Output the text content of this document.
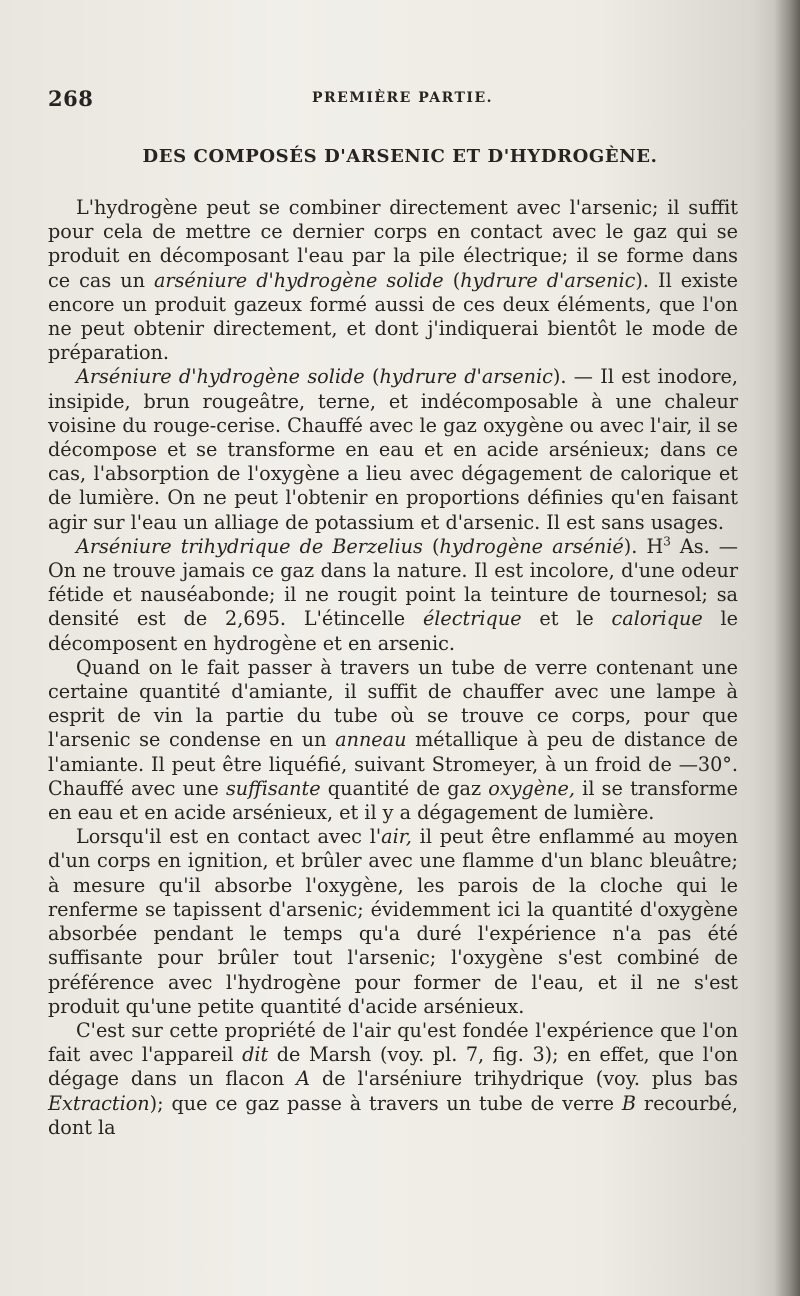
268	PREMIÈRE PARTIE.
DES COMPOSÉS D'ARSENIC ET D'HYDROGÈNE.

L'hydrogène peut se combiner directement avec l'arsenic; il suffit pour cela de mettre ce dernier corps en contact avec le gaz qui se produit en décomposant l'eau par la pile électrique; il se forme dans ce cas un arséniure d'hydrogène solide (hydrure d'arsenic). Il existe encore un produit gazeux formé aussi de ces deux éléments, que l'on ne peut obtenir directement, et dont j'indiquerai bientôt le mode de préparation.

Arséniure d'hydrogène solide (hydrure d'arsenic). — Il est inodore, insipide, brun rougeâtre, terne, et indécomposable à une chaleur voisine du rouge-cerise. Chauffé avec le gaz oxygène ou avec l'air, il se décompose et se transforme en eau et en acide arsénieux; dans ce cas, l'absorption de l'oxygène a lieu avec dégagement de calorique et de lumière. On ne peut l'obtenir en proportions définies qu'en faisant agir sur l'eau un alliage de potassium et d'arsenic. Il est sans usages.

Arséniure trihydrique de Berzelius (hydrogène arsénié). $H^3$ As. — On ne trouve jamais ce gaz dans la nature. Il est incolore, d'une odeur fétide et nauséabonde; il ne rougit point la teinture de tournesol; sa densité est de 2,695. L'étincelle électrique et le calorique le décomposent en hydrogène et en arsenic.

Quand on le fait passer à travers un tube de verre contenant une certaine quantité d'amiante, il suffit de chauffer avec une lampe à esprit de vin la partie du tube où se trouve ce corps, pour que l'arsenic se condense en un anneau métallique à peu de distance de l'amiante. Il peut être liquéfié, suivant Stromeyer, à un froid de —30°. Chauffé avec une suffisante quantité de gaz oxygène, il se transforme en eau et en acide arsénieux, et il y a dégagement de lumière.

Lorsqu'il est en contact avec l'air, il peut être enflammé au moyen d'un corps en ignition, et brûler avec une flamme d'un blanc bleuâtre; à mesure qu'il absorbe l'oxygène, les parois de la cloche qui le renferme se tapissent d'arsenic; évidemment ici la quantité d'oxygène absorbée pendant le temps qu'a duré l'expérience n'a pas été suffisante pour brûler tout l'arsenic; l'oxygène s'est combiné de préférence avec l'hydrogène pour former de l'eau, et il ne s'est produit qu'une petite quantité d'acide arsénieux.

C'est sur cette propriété de l'air qu'est fondée l'expérience que l'on fait avec l'appareil dit de Marsh (voy. pl. 7, fig. 3); en effet, que l'on dégage dans un flacon A de l'arséniure trihydrique (voy. plus bas Extraction); que ce gaz passe à travers un tube de verre B recourbé, dont la
